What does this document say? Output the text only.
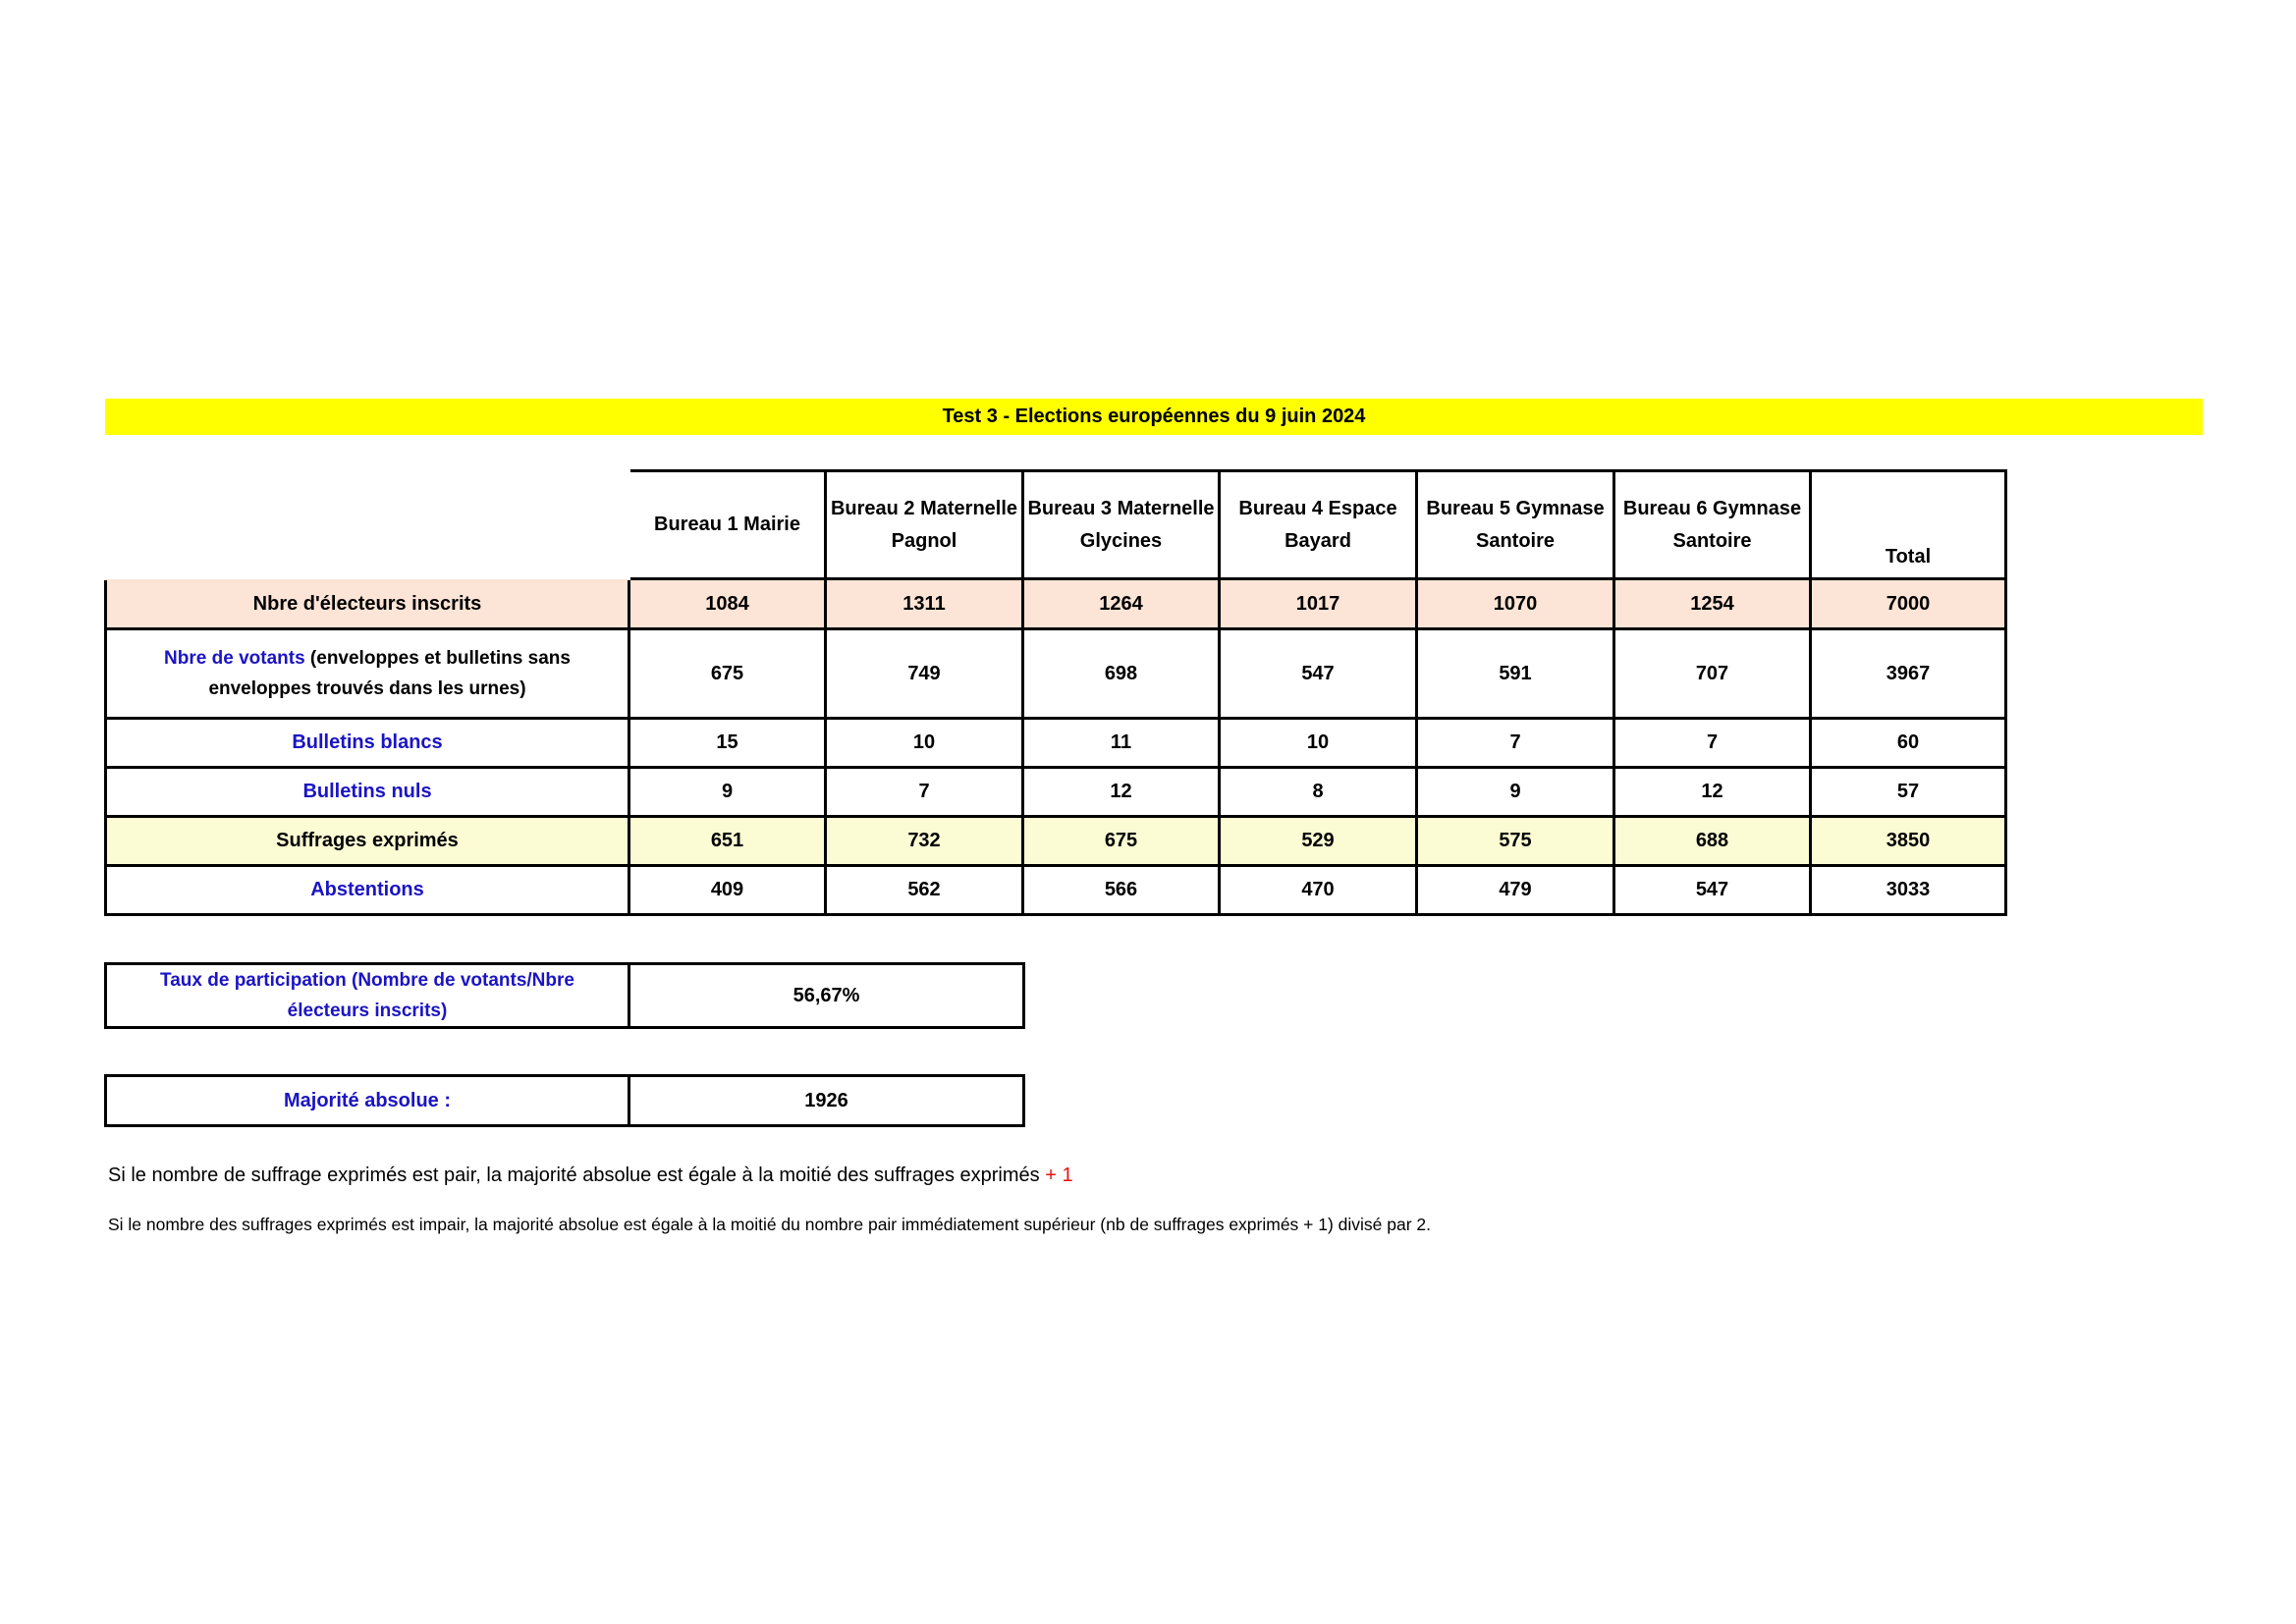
Test 3 - Elections européennes du 9 juin 2024
	Bureau 1 Mairie	Bureau 2 Maternelle Pagnol	Bureau 3 Maternelle Glycines	Bureau 4 Espace Bayard	Bureau 5 Gymnase Santoire	Bureau 6 Gymnase Santoire	Total
Nbre d'électeurs inscrits	1084	1311	1264	1017	1070	1254	7000
Nbre de votants (enveloppes et bulletins sans enveloppes trouvés dans les urnes)	675	749	698	547	591	707	3967
Bulletins blancs	15	10	11	10	7	7	60
Bulletins nuls	9	7	12	8	9	12	57
Suffrages exprimés	651	732	675	529	575	688	3850
Abstentions	409	562	566	470	479	547	3033
Taux de participation (Nombre de votants/Nbre électeurs inscrits)	56,67%
Majorité absolue :	1926
Si le nombre de suffrage exprimés est pair, la majorité absolue est égale à la moitié des suffrages exprimés + 1
Si le nombre des suffrages exprimés est impair, la majorité absolue est égale à la moitié du nombre pair immédiatement supérieur (nb de suffrages exprimés + 1) divisé par 2.
